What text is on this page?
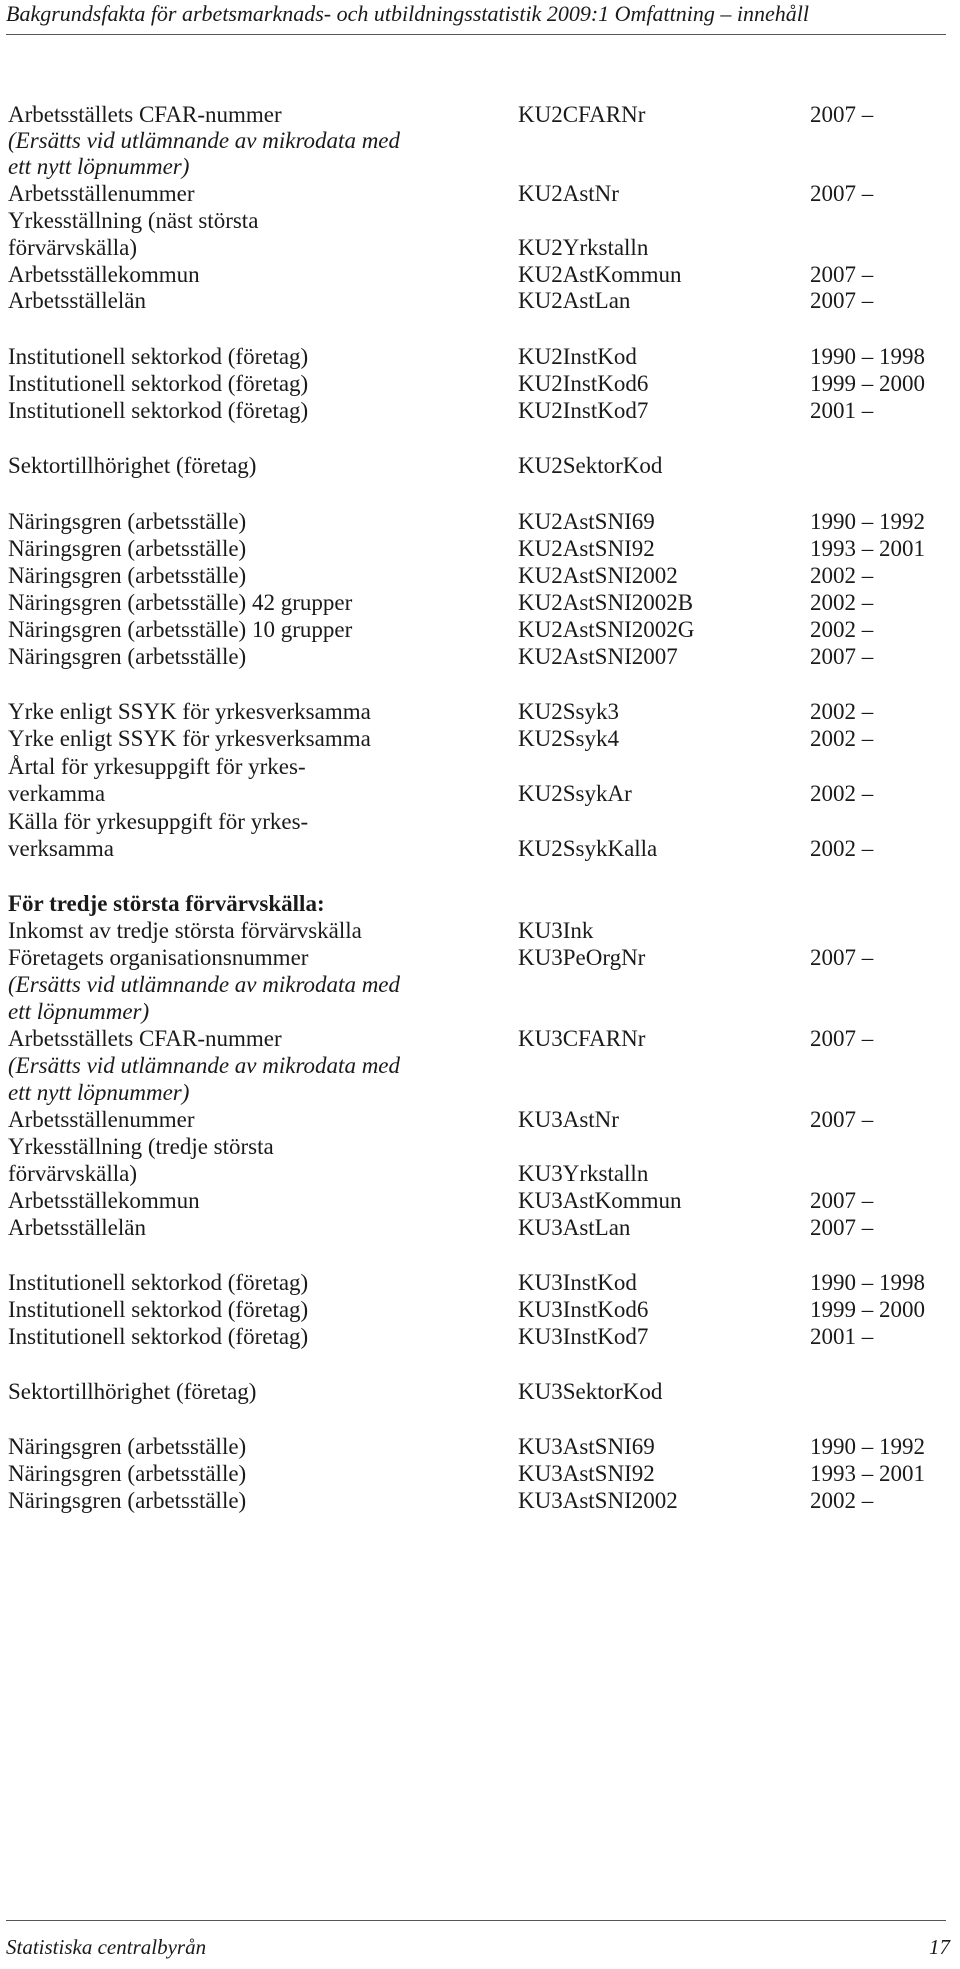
Bakgrundsfakta för arbetsmarknads- och utbildningsstatistik 2009:1 Omfattning – innehåll
Arbetsställets CFAR-nummer	KU2CFARNr	2007 –
(Ersätts vid utlämnande av mikrodata med
ett nytt löpnummer)
Arbetsställenummer	KU2AstNr	2007 –
Yrkesställning (näst största
förvärvskälla)	KU2Yrkstalln
Arbetsställekommun	KU2AstKommun	2007 –
Arbetsställelän	KU2AstLan	2007 –
Institutionell sektorkod (företag)	KU2InstKod	1990 – 1998
Institutionell sektorkod (företag)	KU2InstKod6	1999 – 2000
Institutionell sektorkod (företag)	KU2InstKod7	2001 –
Sektortillhörighet (företag)	KU2SektorKod
Näringsgren (arbetsställe)	KU2AstSNI69	1990 – 1992
Näringsgren (arbetsställe)	KU2AstSNI92	1993 – 2001
Näringsgren (arbetsställe)	KU2AstSNI2002	2002 –
Näringsgren (arbetsställe) 42 grupper	KU2AstSNI2002B	2002 –
Näringsgren (arbetsställe) 10 grupper	KU2AstSNI2002G	2002 –
Näringsgren (arbetsställe)	KU2AstSNI2007	2007 –
Yrke enligt SSYK för yrkesverksamma	KU2Ssyk3	2002 –
Yrke enligt SSYK för yrkesverksamma	KU2Ssyk4	2002 –
Årtal för yrkesuppgift för yrkes-
verkamma	KU2SsykAr	2002 –
Källa för yrkesuppgift för yrkes-
verksamma	KU2SsykKalla	2002 –
För tredje största förvärvskälla:
Inkomst av tredje största förvärvskälla	KU3Ink
Företagets organisationsnummer	KU3PeOrgNr	2007 –
(Ersätts vid utlämnande av mikrodata med
ett löpnummer)
Arbetsställets CFAR-nummer	KU3CFARNr	2007 –
(Ersätts vid utlämnande av mikrodata med
ett nytt löpnummer)
Arbetsställenummer	KU3AstNr	2007 –
Yrkesställning (tredje största
förvärvskälla)	KU3Yrkstalln
Arbetsställekommun	KU3AstKommun	2007 –
Arbetsställelän	KU3AstLan	2007 –
Institutionell sektorkod (företag)	KU3InstKod	1990 – 1998
Institutionell sektorkod (företag)	KU3InstKod6	1999 – 2000
Institutionell sektorkod (företag)	KU3InstKod7	2001 –
Sektortillhörighet (företag)	KU3SektorKod
Näringsgren (arbetsställe)	KU3AstSNI69	1990 – 1992
Näringsgren (arbetsställe)	KU3AstSNI92	1993 – 2001
Näringsgren (arbetsställe)	KU3AstSNI2002	2002 –
Statistiska centralbyrån	17
